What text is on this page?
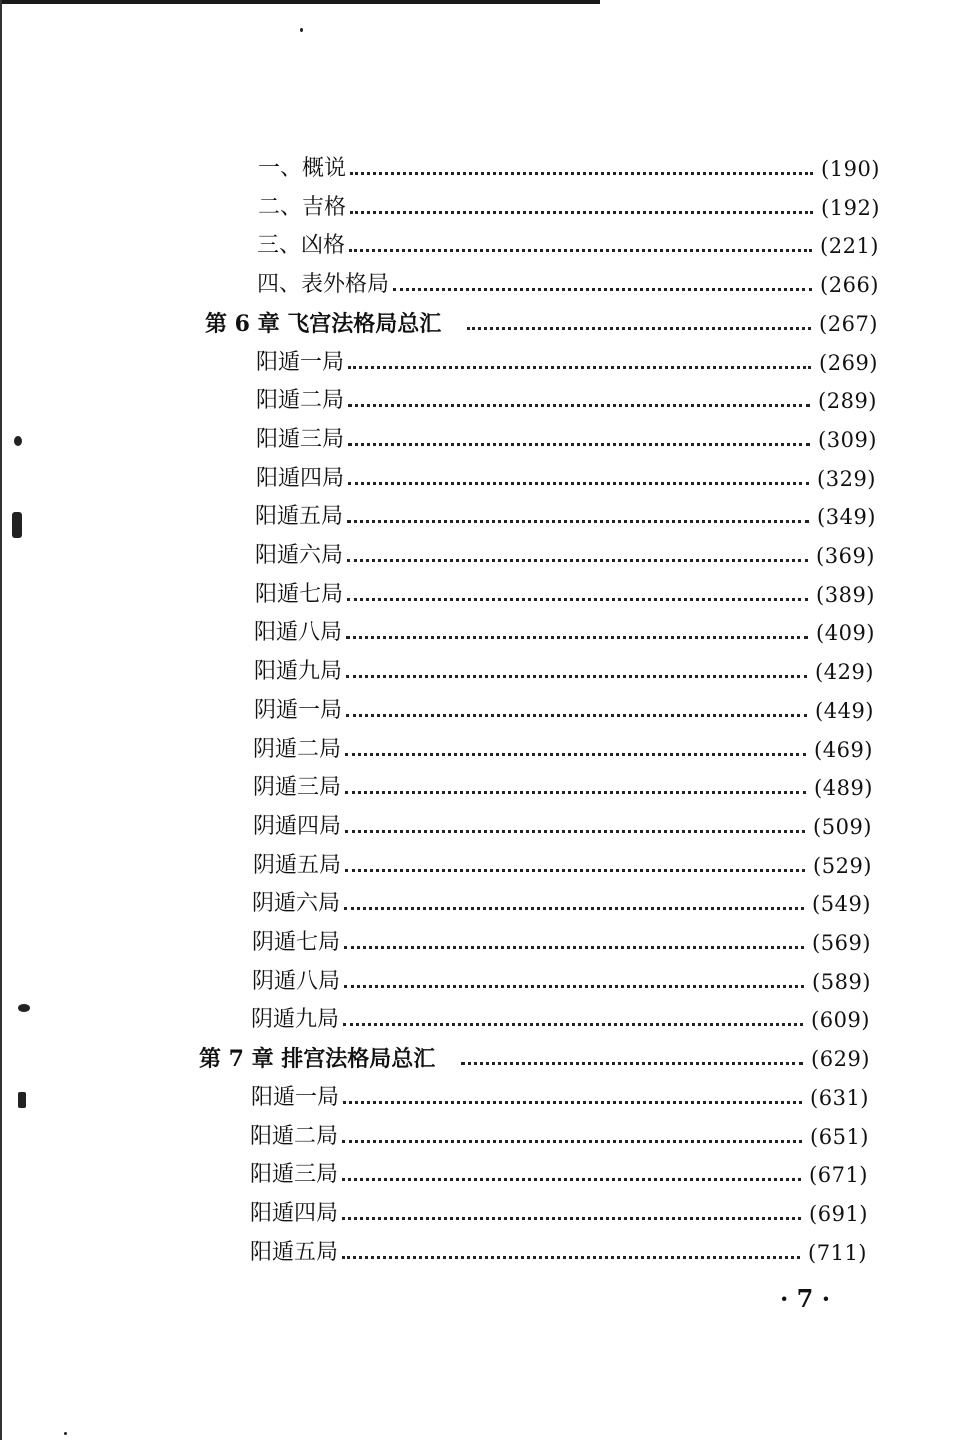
一、概说	(190)
二、吉格	(192)
三、凶格	(221)
四、表外格局	(266)
第 6 章 飞宫法格局总汇	(267)
阳遁一局	(269)
阳遁二局	(289)
阳遁三局	(309)
阳遁四局	(329)
阳遁五局	(349)
阳遁六局	(369)
阳遁七局	(389)
阳遁八局	(409)
阳遁九局	(429)
阴遁一局	(449)
阴遁二局	(469)
阴遁三局	(489)
阴遁四局	(509)
阴遁五局	(529)
阴遁六局	(549)
阴遁七局	(569)
阴遁八局	(589)
阴遁九局	(609)
第 7 章 排宫法格局总汇	(629)
阳遁一局	(631)
阳遁二局	(651)
阳遁三局	(671)
阳遁四局	(691)
阳遁五局	(711)
· 7 ·
